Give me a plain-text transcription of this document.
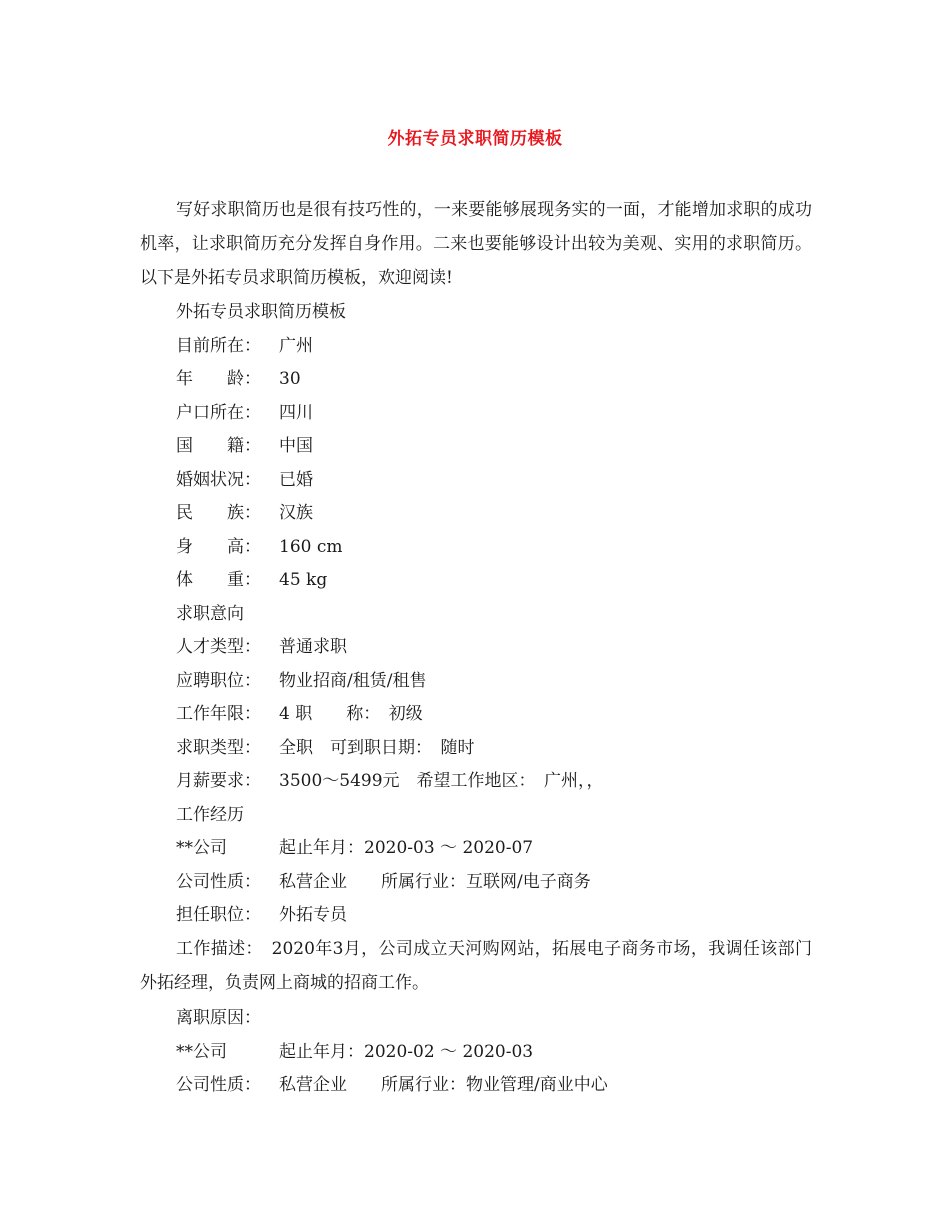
外拓专员求职简历模板
写好求职简历也是很有技巧性的，一来要能够展现务实的一面，才能增加求职的成功机率，让求职简历充分发挥自身作用。二来也要能够设计出较为美观、实用的求职简历。以下是外拓专员求职简历模板，欢迎阅读!
外拓专员求职简历模板
目前所在： 广州
年　　龄： 30
户口所在： 四川
国　　籍： 中国
婚姻状况： 已婚
民　　族： 汉族
身　　高： 160 cm
体　　重： 45 kg
求职意向
人才类型： 普通求职
应聘职位： 物业招商/租赁/租售
工作年限： 4 职　　称：　初级
求职类型： 全职　可到职日期：　随时
月薪要求： 3500～5499元　希望工作地区：　广州，，
工作经历
**公司	起止年月：2020-03 ～ 2020-07
公司性质： 私营企业　　所属行业：互联网/电子商务
担任职位： 外拓专员
工作描述：　2020年3月，公司成立天河购网站，拓展电子商务市场，我调任该部门外拓经理，负责网上商城的招商工作。
离职原因：
**公司	起止年月：2020-02 ～ 2020-03
公司性质： 私营企业　　所属行业：物业管理/商业中心
